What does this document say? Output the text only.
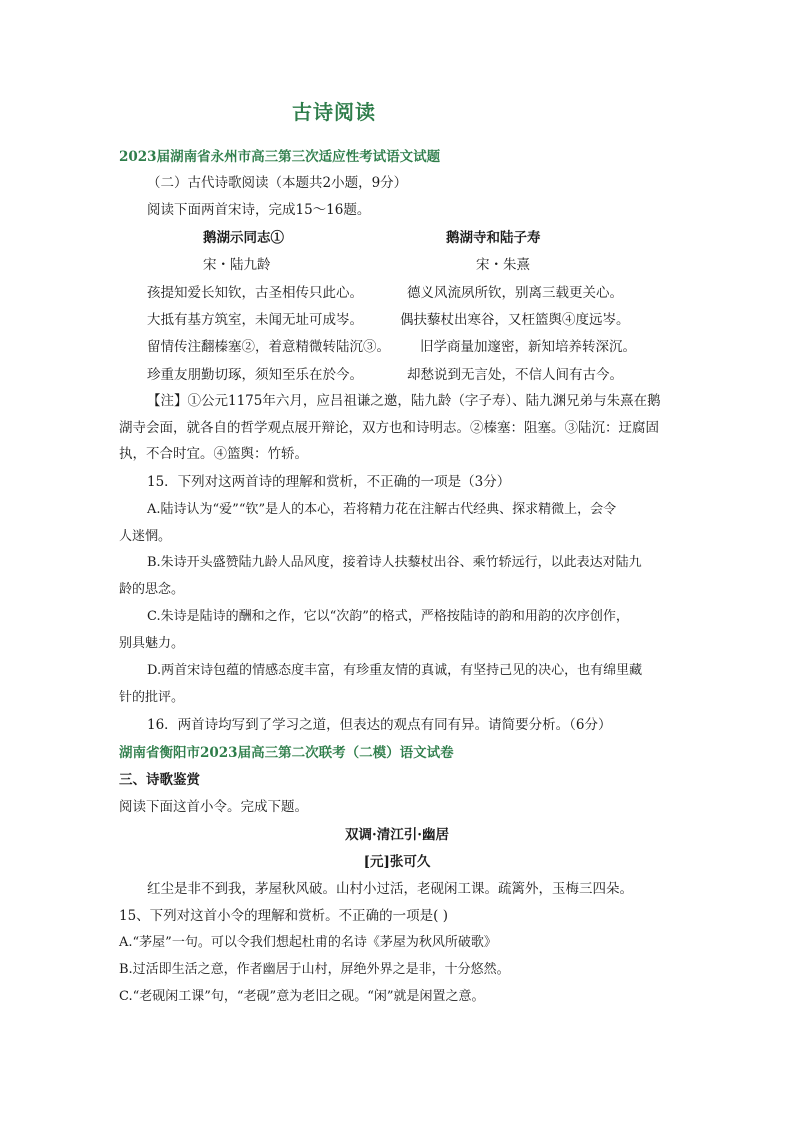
古诗阅读
2023届湖南省永州市高三第三次适应性考试语文试题
（二）古代诗歌阅读（本题共2小题，9分）
阅读下面两首宋诗，完成15～16题。
鹅湖示同志①	鹅湖寺和陆子寿
宋・陆九龄	宋・朱熹
孩提知爱长知钦，古圣相传只此心。	德义风流夙所钦，别离三载更关心。
大抵有基方筑室，未闻无址可成岑。	偶扶藜杖出寒谷，又枉篮舆④度远岑。
留情传注翻榛塞②，着意精微转陆沉③。 旧学商量加邃密，新知培养转深沉。
珍重友朋勤切琢，须知至乐在於今。	却愁说到无言处，不信人间有古今。
【注】①公元1175年六月，应吕祖谦之邀，陆九龄（字子寿）、陆九渊兄弟与朱熹在鹅
湖寺会面，就各自的哲学观点展开辩论，双方也和诗明志。②榛塞：阻塞。③陆沉：迂腐固
执，不合时宜。④篮舆：竹轿。
15．下列对这两首诗的理解和赏析，不正确的一项是（3分）
A.陆诗认为“爱”“钦”是人的本心，若将精力花在注解古代经典、探求精微上，会令
人迷惘。
B.朱诗开头盛赞陆九龄人品风度，接着诗人扶藜杖出谷、乘竹轿远行，以此表达对陆九
龄的思念。
C.朱诗是陆诗的酬和之作，它以“次韵”的格式，严格按陆诗的韵和用韵的次序创作，
别具魅力。
D.两首宋诗包蕴的情感态度丰富，有珍重友情的真诚，有坚持己见的决心，也有绵里藏
针的批评。
16．两首诗均写到了学习之道，但表达的观点有同有异。请简要分析。（6分）
湖南省衡阳市2023届高三第二次联考（二模）语文试卷
三、诗歌鉴赏
阅读下面这首小令。完成下题。
双调·清江引·幽居
[元]张可久
红尘是非不到我，茅屋秋风破。山村小过活，老砚闲工课。疏篱外，玉梅三四朵。
15、下列对这首小令的理解和赏析。不正确的一项是( )
A.“茅屋”一句。可以令我们想起杜甫的名诗《茅屋为秋风所破歌》
B.过活即生活之意，作者幽居于山村，屏绝外界之是非，十分悠然。
C.“老砚闲工课”句，“老砚”意为老旧之砚。“闲”就是闲置之意。
